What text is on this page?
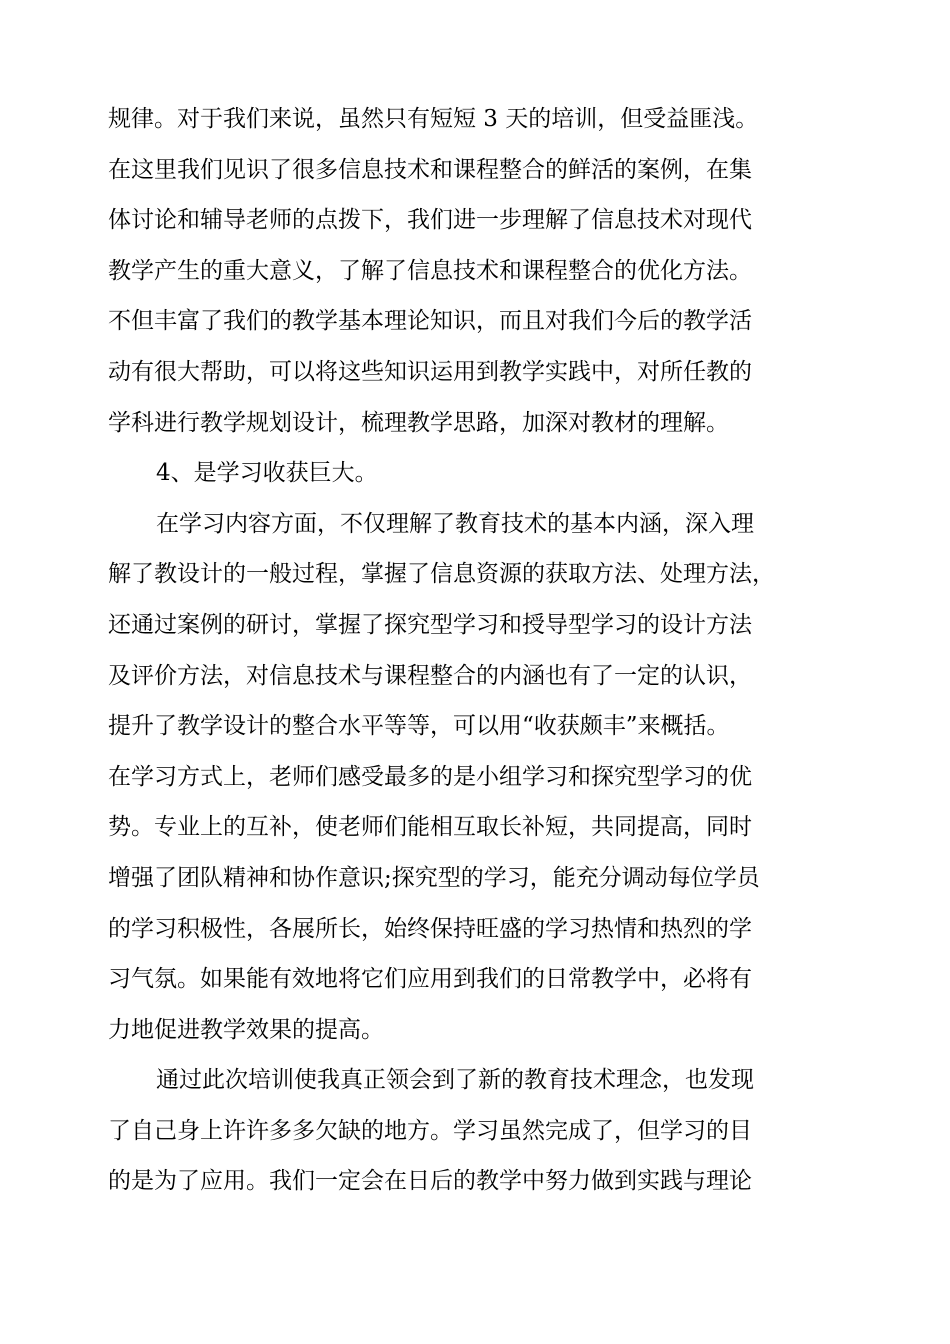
规律。对于我们来说，虽然只有短短 3 天的培训，但受益匪浅。
在这里我们见识了很多信息技术和课程整合的鲜活的案例，在集
体讨论和辅导老师的点拨下，我们进一步理解了信息技术对现代
教学产生的重大意义，了解了信息技术和课程整合的优化方法。
不但丰富了我们的教学基本理论知识，而且对我们今后的教学活
动有很大帮助，可以将这些知识运用到教学实践中，对所任教的
学科进行教学规划设计，梳理教学思路，加深对教材的理解。
4、是学习收获巨大。
在学习内容方面，不仅理解了教育技术的基本内涵，深入理
解了教设计的一般过程，掌握了信息资源的获取方法、处理方法，
还通过案例的研讨，掌握了探究型学习和授导型学习的设计方法
及评价方法，对信息技术与课程整合的内涵也有了一定的认识，
提升了教学设计的整合水平等等，可以用“收获颇丰”来概括。
在学习方式上，老师们感受最多的是小组学习和探究型学习的优
势。专业上的互补，使老师们能相互取长补短，共同提高，同时
增强了团队精神和协作意识;探究型的学习，能充分调动每位学员
的学习积极性，各展所长，始终保持旺盛的学习热情和热烈的学
习气氛。如果能有效地将它们应用到我们的日常教学中，必将有
力地促进教学效果的提高。
通过此次培训使我真正领会到了新的教育技术理念，也发现
了自己身上许许多多欠缺的地方。学习虽然完成了，但学习的目
的是为了应用。我们一定会在日后的教学中努力做到实践与理论
